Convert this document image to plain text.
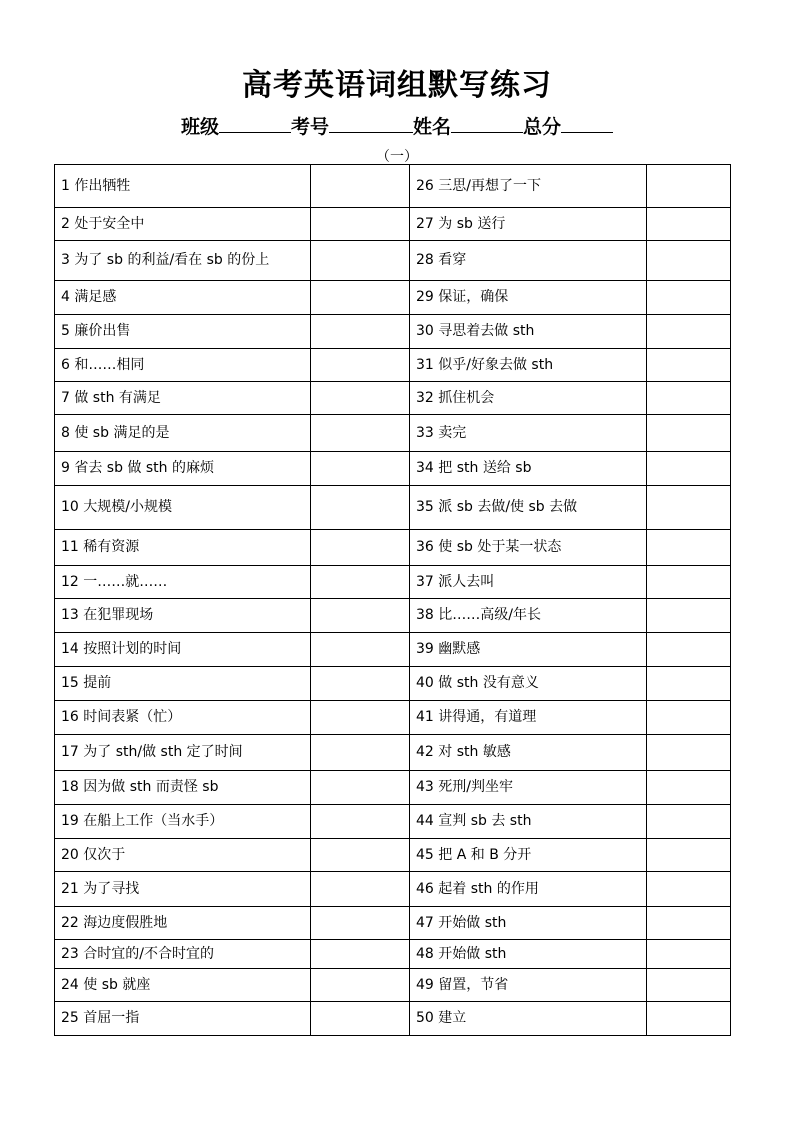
高考英语词组默写练习
班级	考号	姓名	总分
（一）
1 作出牺牲		26 三思/再想了一下	
2 处于安全中		27 为 sb 送行	
3 为了 sb 的利益/看在 sb 的份上		28 看穿	
4 满足感		29 保证，确保	
5 廉价出售		30 寻思着去做 sth	
6 和……相同		31 似乎/好象去做 sth	
7 做 sth 有满足		32 抓住机会	
8 使 sb 满足的是		33 卖完	
9 省去 sb 做 sth 的麻烦		34 把 sth 送给 sb	
10 大规模/小规模		35 派 sb 去做/使 sb 去做	
11 稀有资源		36 使 sb 处于某一状态	
12 一……就……		37 派人去叫	
13 在犯罪现场		38 比……高级/年长	
14 按照计划的时间		39 幽默感	
15 提前		40 做 sth 没有意义	
16 时间表紧（忙）		41 讲得通，有道理	
17 为了 sth/做 sth 定了时间		42 对 sth 敏感	
18 因为做 sth 而责怪 sb		43 死刑/判坐牢	
19 在船上工作（当水手）		44 宣判 sb 去 sth	
20 仅次于		45 把 A 和 B 分开	
21 为了寻找		46 起着 sth 的作用	
22 海边度假胜地		47 开始做 sth	
23 合时宜的/不合时宜的		48 开始做 sth	
24 使 sb 就座		49 留置，节省	
25 首屈一指		50 建立	
